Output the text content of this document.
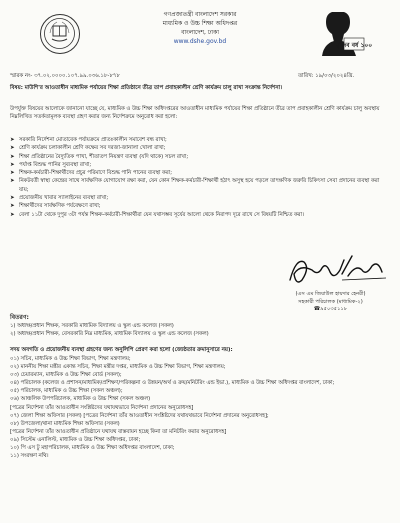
গণপ্রজাতন্ত্রী বাংলাদেশ সরকার
মাধ্যমিক ও উচ্চ শিক্ষা অধিদপ্তর
বাংলাদেশ, ঢাকা
www.dshe.gov.bd
মুজিব বর্ষ ১০০
স্মারক নং- ৩৭.০২.০০০০.১০৭.৯৯.০৩৬.১৮-৮৭৮	তারিখ: ১৯/০৩/২০২৪খ্রি.
বিষয়: মাউশি'র আওতাধীন মাধ্যমিক পর্যায়ের শিক্ষা প্রতিষ্ঠানে তীব্র তাপ প্রবাহকালীন শ্রেণি কার্যক্রম চালু রাখা সংক্রান্ত নির্দেশনা।
উপর্যুক্ত বিষয়ের আলোকে জানানো যাচ্ছে যে, মাধ্যমিক ও উচ্চ শিক্ষা অধিদপ্তরের আওতাধীন মাধ্যমিক পর্যায়ের শিক্ষা প্রতিষ্ঠানে তীব্র তাপ প্রবাহকালীন শ্রেণি কার্যক্রম চালু অবস্থায় নিম্নলিখিত সতর্কতামূলক ব্যবস্থা গ্রহণ করার জন্য নির্দেশক্রমে অনুরোধ করা হলো:
➤ সরকারি নির্দেশনা মোতাবেক পর্যায়ক্রমে প্রাতঃকালীন সমাবেশ বন্ধ রাখা;
➤ শ্রেণি কার্যক্রম চলাকালীন শ্রেণি কক্ষের সব দরজা-জানালা খোলা রাখা;
➤ শিক্ষা প্রতিষ্ঠানের বৈদ্যুতিক পাখা, শীতাতপ নিয়ন্ত্রণ ব্যবস্থা (যদি থাকে) সচল রাখা;
➤ পর্যাপ্ত বিশুদ্ধ পানির সুব্যবস্থা রাখা;
➤ শিক্ষক-কর্মচারী-শিক্ষার্থীদের প্রচুর পরিমাণে বিশুদ্ধ পানি পানের ব্যবস্থা করা;
➤ নিকটবর্তী স্বাস্থ্য কেন্দ্রের সাথে সার্বক্ষণিক যোগাযোগ রক্ষা করা, যেন কোন শিক্ষক-কর্মচারী-শিক্ষার্থী হঠাৎ অসুস্থ হয়ে পড়লে তাৎক্ষণিক জরুরি চিকিৎসা সেবা প্রদানের ব্যবস্থা করা যায়;
➤ প্রয়োজনীয় খাবার স্যালাইনের ব্যবস্থা রাখা;
➤ শিক্ষার্থীদের সার্বক্ষণিক পর্যবেক্ষণে রাখা;
➤ বেলা ১১টা থেকে দুপুর ৩টা পর্যন্ত শিক্ষক-কর্মচারী-শিক্ষার্থীরা যেন যথাসম্ভব সূর্যের আলো থেকে নিরাপদ দূরে রাখে সে বিষয়টি নিশ্চিত করা।
(এস এম জিয়াউল হায়দার হেনরী)
সহকারী পরিচালক (মাধ্যমিক-২)
☎৯৫০৩৫১১৮
বিতরণ:
১) অধ্যক্ষ/প্রধান শিক্ষক, সরকারি মাধ্যমিক বিদ্যালয় ও স্কুল এন্ড কলেজ (সকল)
২) অধ্যক্ষ/প্রধান শিক্ষক, বেসরকারি নিম্ন মাধ্যমিক, মাধ্যমিক বিদ্যালয় ও স্কুল এন্ড কলেজ (সকল)
সদয় অবগতি ও প্রয়োজনীয় ব্যবস্থা গ্রহণের জন্য অনুলিপি প্রেরণ করা হলো (জ্যেষ্ঠতার ক্রমানুসারে নয়):
০১) সচিব, মাধ্যমিক ও উচ্চ শিক্ষা বিভাগ, শিক্ষা মন্ত্রণালয়;
০২) মাননীয় শিক্ষা মন্ত্রীর একান্ত সচিব, শিক্ষা মন্ত্রীর দপ্তর, মাধ্যমিক ও উচ্চ শিক্ষা বিভাগ, শিক্ষা মন্ত্রণালয়;
০৩) চেয়ারম্যান, মাধ্যমিক ও উচ্চ শিক্ষা বোর্ড (সকল);
০৪) পরিচালক (কলেজ ও প্রশাসন/মাধ্যমিক/প্রশিক্ষণ/পরিকল্পনা ও উন্নয়ন/অর্থ ও ক্রয়/মনিটরিং এন্ড ইভা.), মাধ্যমিক ও উচ্চ শিক্ষা অধিদপ্তর বাংলাদেশ, ঢাকা;
০৫) পরিচালক, মাধ্যমিক ও উচ্চ শিক্ষা (সকল অঞ্চল);
০৬) আঞ্চলিক উপপরিচালক, মাধ্যমিক ও উচ্চ শিক্ষা (সকল অঞ্চল)
[পত্রের নির্দেশনা তাঁর আওতাধীন সংশ্লিষ্টদের যথাযথভাবে নির্দেশনা প্রদানের অনুরোধসহ]
০৭) জেলা শিক্ষা অফিসার (সকল) [পত্রের নির্দেশনা তাঁর আওতাধীন সংশ্লিষ্টদের যথাযথভাবে নির্দেশনা প্রদানের অনুরোধসহ];
০৮) উপজেলা/থানা মাধ্যমিক শিক্ষা অফিসার (সকল)
[পত্রের নির্দেশনা তাঁর আওতাধীন প্রতিষ্ঠানে যথাযথ বাস্তবায়ন হচ্ছে কিনা তা মনিটরিং করার অনুরোধসহ]
০৯) সিস্টেম এনালিস্ট, মাধ্যমিক ও উচ্চ শিক্ষা অধিদপ্তর, ঢাকা;
১০) পি এস টু মহাপরিচালক, মাধ্যমিক ও উচ্চ শিক্ষা অধিদপ্তর বাংলাদেশ, ঢাকা;
১১) সংরক্ষণ নথি।
